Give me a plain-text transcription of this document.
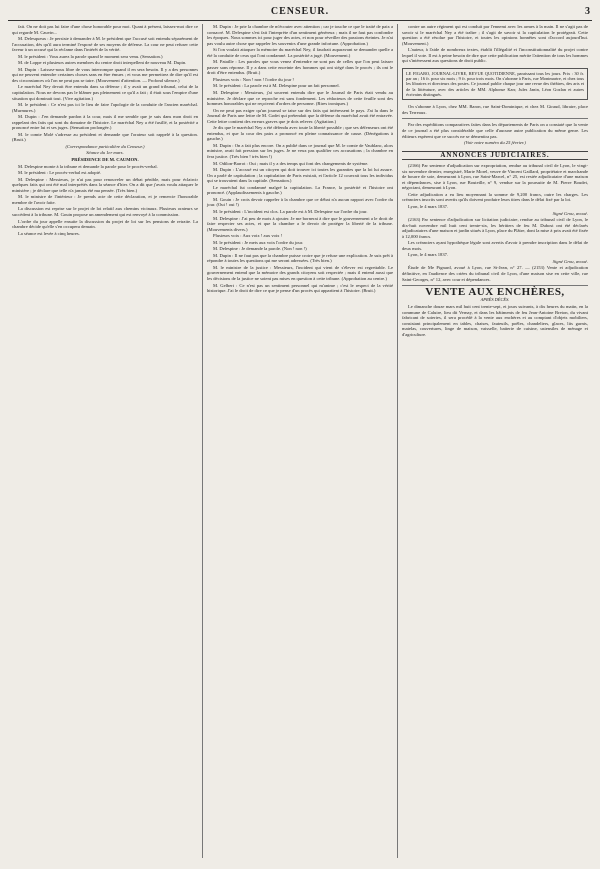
CENSEUR.	3

fait. On ne doit pas lui faire d'une chose honorable pour moi. Quant à présent, laissez-moi dire ce qui regarde M. Cauvin...

M. Delesqueux : Je persiste à demander à M. le président que l'accusé soit entendu séparément de l'accusation, dès qu'il aura terminé l'exposé de ses moyens de défense. La cour ne peut refuser cette faveur à un accusé qui la réclame dans l'intérêt de la vérité.

M. le président : Vous aurez la parole quand le moment sera venu. (Sensation.)

M. de Loppe et plusieurs autres membres du centre droit interpellent de nouveau M. Dupin.

M. Dupin : Laissez-nous libre de vous interrompre quand il en sera besoin. Il y a des personnes qui ne peuvent entendre certaines choses sans en être émues ; et vous me permettrez de dire qu'il est des circonstances où l'on ne peut pas se taire. (Mouvement d'attention. — Profond silence.)

Le maréchal Ney devait être entendu dans sa défense ; il y avait un grand tribunal, celui de la capitulation. Nous ne devons pas le blâmer pas pleinement ce qu'il a fait ; il était sous l'empire d'une situation qui dominait tout. (Vive agitation.)

M. le président : Ce n'est pas ici le lieu de faire l'apologie de la conduite de l'ancien maréchal. (Murmures.)

M. Dupin : J'en demande pardon à la cour, mais il me semble que je suis dans mon droit en rappelant des faits qui sont du domaine de l'histoire. Le maréchal Ney a été fusillé, et la postérité a prononcé entre lui et ses juges. (Sensation prolongée.)

M. le comte Molé s'adresse au président et demande que l'orateur soit rappelé à la question. (Bruit.)

(Correspondance particulière du Censeur.)

Séance du 1er mars.

PRÉSIDENCE DE M. CAUMON.

M. Delespine monte à la tribune et demande la parole pour le procès-verbal.

M. le président : Le procès-verbal est adopté.

M. Delespine : Messieurs, je n'ai pas pour renouveler un débat pénible, mais pour éclaircir quelques faits qui ont été mal interprétés dans la séance d'hier. On a dit que j'avais voulu attaquer le ministère ; je déclare que telle n'a jamais été ma pensée. (Très bien.)

M. le ministre de l'intérieur : Je prends acte de cette déclaration, et je remercie l'honorable membre de l'avoir faite.

La discussion est reprise sur le projet de loi relatif aux chemins vicinaux. Plusieurs orateurs se succèdent à la tribune. M. Gouin propose un amendement qui est renvoyé à la commission.

L'ordre du jour appelle ensuite la discussion du projet de loi sur les pensions de retraite. La chambre décide qu'elle s'en occupera demain.

La séance est levée à cinq heures.

M. Dupin : Je prie la chambre de m'écouter avec attention ; car je touche ce que le traité de paix a consacré. M. Delespine s'est fait l'interprète d'un sentiment généreux ; mais il ne faut pas confondre les époques. Nous sommes ici pour juger des actes, et non pour réveiller des passions éteintes. Je n'ai pas voulu autre chose que rappeler les souvenirs d'une grande infortune. (Approbation.)

Si l'on voulait attaquer la mémoire du maréchal Ney, il faudrait auparavant se demander quelle a été la conduite de ceux qui l'ont condamné. La postérité a jugé. (Mouvement.)

M. Pataille : Les paroles que vous venez d'entendre ne sont pas de celles que l'on peut laisser passer sans réponse. Il y a dans cette enceinte des hommes qui ont siégé dans le procès ; ils ont le droit d'être entendus. (Bruit.)

Plusieurs voix : Non ! non ! l'ordre du jour !

M. le président : La parole est à M. Delespine pour un fait personnel.

M. Delespine : Messieurs, j'ai souvent entendu dire que le Journal de Paris était vendu au ministère. Je déclare que ce reproche est sans fondement. Les rédacteurs de cette feuille sont des hommes honorables qui ne reçoivent d'ordres de personne. (Rires ironiques.)

On ne peut pas exiger qu'un journal se taise sur des faits qui intéressent le pays. J'ai lu dans le Journal de Paris une lettre de M. Godet qui prétendait que la défense du maréchal avait été entravée. Cette lettre contient des erreurs graves que je dois relever. (Agitation.)

Je dis que le maréchal Ney a été défendu avec toute la liberté possible ; que ses défenseurs ont été entendus, et que la cour des pairs a prononcé en pleine connaissance de cause. (Dénégations à gauche.)

M. Dupin : On a fait plus encore. On a publié dans ce journal que M. le comte de Vaublanc, alors ministre, avait fait pression sur les juges. Je ne veux pas qualifier ces accusations ; la chambre en fera justice. (Très bien ! très bien !)

M. Odilon-Barrot : Oui ; mais il y a des temps qui font des changements de système.

M. Dupin : L'accusé est un citoyen qui doit trouver ici toutes les garanties que la loi lui assure. On a parlé de capitulation ; la capitulation de Paris existait, et l'article 12 couvrait tous les individus qui se trouvaient dans la capitale. (Sensation.)

Le maréchal fut condamné malgré la capitulation. La France, la postérité et l'histoire ont prononcé. (Applaudissements à gauche.)

M. Gouin : Je crois devoir rappeler à la chambre que ce débat n'a aucun rapport avec l'ordre du jour. (Oui ! oui !)

M. le président : L'incident est clos. La parole est à M. Delespine sur l'ordre du jour.

M. Delespine : J'ai peu de mots à ajouter. Je me bornerai à dire que le gouvernement a le droit de faire respecter ses actes, et que la chambre a le devoir de protéger la liberté de la tribune. (Mouvements divers.)

Plusieurs voix : Aux voix ! aux voix !

M. le président : Je mets aux voix l'ordre du jour.

M. Delespine : Je demande la parole. (Non ! non !)

M. Dupin : Il ne faut pas que la chambre puisse croire que je refuse une explication. Je suis prêt à répondre à toutes les questions qui me seront adressées. (Très bien.)

M. le ministre de la justice : Messieurs, l'incident qui vient de s'élever est regrettable. Le gouvernement entend que la mémoire des grands citoyens soit respectée ; mais il entend aussi que les décisions de la justice ne soient pas mises en question à cette tribune. (Approbation au centre.)

M. Gelbert : Ce n'est pas un sentiment personnel qui m'anime ; c'est le respect de la vérité historique. J'ai le droit de dire ce que je pense d'un procès qui appartient à l'histoire. (Bruit.)

contre un autre régiment qui est conduit par l'ennemi avec les armes à la main. Il ne s'agit pas de savoir si le maréchal Ney a été traître ; il s'agit de savoir si la capitulation le protégeait. Cette question a été résolue par l'histoire, et toutes les opinions honnêtes sont d'accord aujourd'hui. (Mouvement.)

L'auteur, à l'aide de nombreux textes, établit l'illégalité et l'inconstitutionnalité du projet contre lequel il vote. Il est à peine besoin de dire que cette publication mérite l'attention de tous les hommes qui s'intéressent aux questions de droit public.

LE FIGARO, JOURNAL-LIVRE, REVUE QUOTIDIENNE, paraissant tous les jours. Prix : 30 fr. par an ; 16 fr. pour six mois ; 9 fr. pour trois mois. On s'abonne à Paris, rue Montmartre, et chez tous les libraires et directeurs des postes. Ce journal publie chaque jour une revue des théâtres, des arts et de la littérature, avec des articles de MM. Alphonse Karr, Jules Janin, Léon Gozlan et autres écrivains distingués.

On s'abonne à Lyon, chez MM. Baron, rue Saint-Dominique, et chez M. Giraud, libraire, place des Terreaux.

Par des expéditions comparatives faites dans les départements de Paris on a constaté que la vente de ce journal a été plus considérable que celle d'aucune autre publication du même genre. Les éditeurs espèrent que ce succès ne se démentira pas.

(Voir notre numéro du 25 février.)

ANNONCES JUDICIAIRES.

(2166) Par sentence d'adjudication sur expropriation, rendue au tribunal civil de Lyon, le vingt-six novembre dernier, enregistré, Marie Morel, veuve de Vincent Gaillard, propriétaire et marchande de bourre de soie, demeurant à Lyon, rue Saint-Marcel, n° 25, est restée adjudicataire d'une maison et dépendances, sise à Lyon, rue Bouteille, n° 9, vendue sur la poursuite de M. Pierre Boudet, négociant, demeurant à Lyon.

Cette adjudication a eu lieu moyennant la somme de 9,200 francs, outre les charges. Les créanciers inscrits sont avertis qu'ils doivent produire leurs titres dans le délai fixé par la loi.

Lyon, le 4 mars 1837.

Signé Grou, avoué.

(2163) Par sentence d'adjudication sur licitation judiciaire, rendue au tribunal civil de Lyon, le dix-huit novembre mil huit cent trente-six, les héritiers de feu M. Dubost ont été déclarés adjudicataires d'une maison et jardin situés à Lyon, place du Plâtre, dont la mise à prix avait été fixée à 12,000 francs.

Les créanciers ayant hypothèque légale sont avertis d'avoir à prendre inscription dans le délai de deux mois.

Lyon, le 4 mars 1837.

Signé Grou, avoué.

Étude de Me Pignard, avoué à Lyon, rue St-Jean, n° 27. — (2153) Vente et adjudication définitive, en l'audience des criées du tribunal civil de Lyon, d'une maison sise en cette ville, rue Saint-Georges, n° 12, avec cour et dépendances.

VENTE AUX ENCHÈRES,
APRÈS DÉCÈS.

Le dimanche douze mars mil huit cent trente-sept, et jours suivants, à dix heures du matin, en la commune de Caluire, lieu dit Vernay, et dans les bâtiments de feu Jean-Antoine Breton, du vivant fabricant de soieries, il sera procédé à la vente aux enchères et au comptant d'objets mobiliers, consistant principalement en tables, chaises, fauteuils, poêles, chandeliers, glaces, lits garnis, matelas, couvertures, linge de maison, vaisselle, batterie de cuisine, ustensiles de ménage et d'agriculture.
